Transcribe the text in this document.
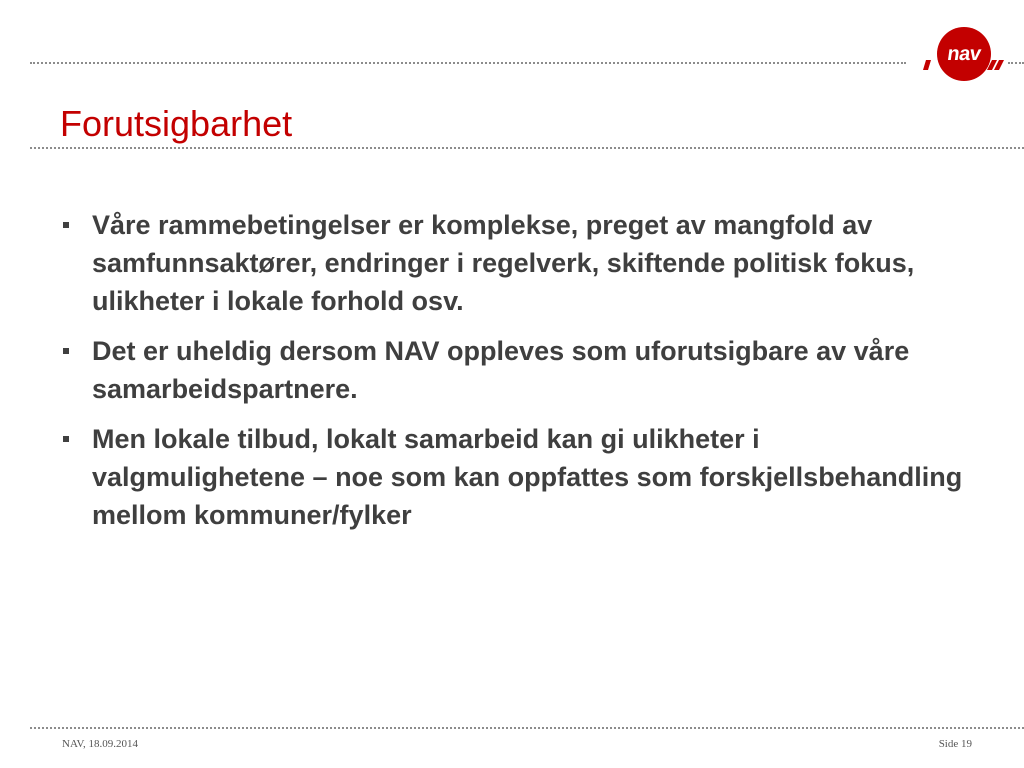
nav
Forutsigbarhet
Våre rammebetingelser er komplekse, preget av mangfold av samfunnsaktører, endringer i regelverk, skiftende politisk fokus, ulikheter i lokale forhold osv.
Det er uheldig dersom NAV oppleves som uforutsigbare av våre samarbeidspartnere.
Men lokale tilbud, lokalt samarbeid kan gi ulikheter i valgmulighetene – noe som kan oppfattes som forskjellsbehandling mellom kommuner/fylker
NAV, 18.09.2014	Side 19
